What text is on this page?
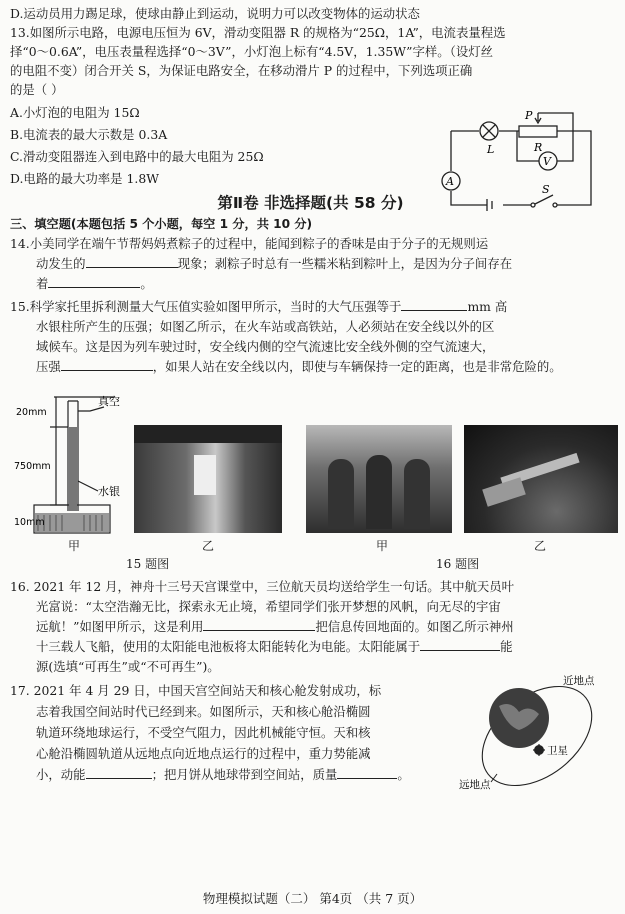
D.运动员用力踢足球，使球由静止到运动，说明力可以改变物体的运动状态

13.如图所示电路，电源电压恒为 6V，滑动变阻器 R 的规格为“25Ω，1A”，电流表量程选

择“0～0.6A”，电压表量程选择“0～3V”，小灯泡上标有“4.5V，1.35W”字样。（设灯丝

的电阻不变）闭合开关 S，为保证电路安全，在移动滑片 P 的过程中，下列选项正确

的是（ ）

A.小灯泡的电阻为 15Ω

B.电流表的最大示数是 0.3A

C.滑动变阻器连入到电路中的最大电阻为 25Ω

D.电路的最大功率是 1.8W

P
L	R
V
A
S
第Ⅱ卷 非选择题(共 58 分)

三、填空题(本题包括 5 个小题，每空 1 分，共 10 分)

14.小美同学在端午节帮妈妈煮粽子的过程中，能闻到粽子的香味是由于分子的无规则运

动发生的	现象；剥粽子时总有一些糯米粘到粽叶上，是因为分子间存在

着	。

15.科学家托里拆利测量大气压值实验如图甲所示，当时的大气压强等于	mm 高

水银柱所产生的压强；如图乙所示，在火车站或高铁站，人必须站在安全线以外的区

域候车。这是因为列车驶过时，安全线内侧的空气流速比安全线外侧的空气流速大，

压强	，如果人站在安全线以内，即使与车辆保持一定的距离，也是非常危险的。

20mm
真空
750mm
水银
10mm
甲	乙	甲	乙
15 题图	16 题图

16. 2021 年 12 月，神舟十三号天宫课堂中，三位航天员均送给学生一句话。其中航天员叶

光富说：“太空浩瀚无比，探索永无止境，希望同学们张开梦想的风帆，向无尽的宇宙

远航！”如图甲所示，这是利用	把信息传回地面的。如图乙所示神州

十三载人飞船，使用的太阳能电池板将太阳能转化为电能。太阳能属于	能

源(选填“可再生”或“不可再生”)。

17. 2021 年 4 月 29 日，中国天宫空间站天和核心舱发射成功，标

志着我国空间站时代已经到来。如图所示，天和核心舱沿椭圆

轨道环绕地球运行，不受空气阻力，因此机械能守恒。天和核

心舱沿椭圆轨道从远地点向近地点运行的过程中，重力势能减

小，动能	；把月饼从地球带到空间站，质量	。

近地点
卫星
远地点
物理模拟试题（二） 第4页 （共 7 页）
